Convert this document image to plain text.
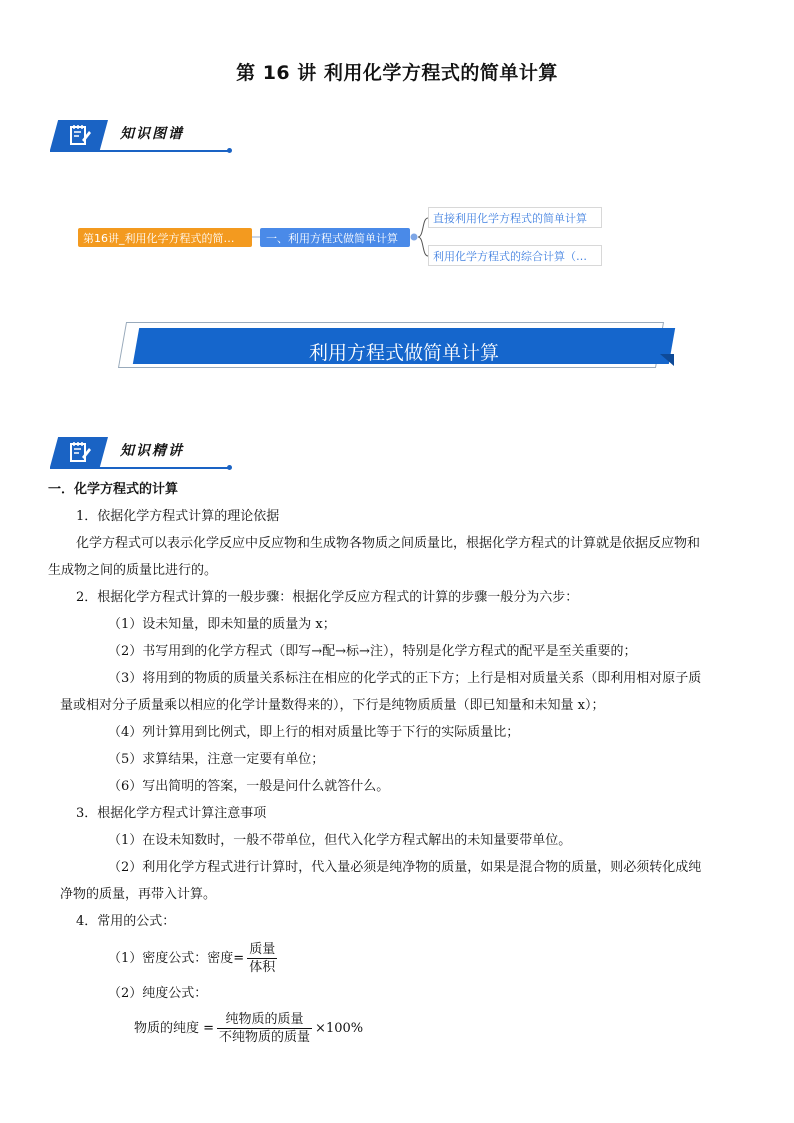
第 16 讲 利用化学方程式的简单计算
知识图谱
第16讲_利用化学方程式的简…	一、利用方程式做简单计算
直接利用化学方程式的简单计算
利用化学方程式的综合计算（…
利用方程式做简单计算
知识精讲
一．化学方程式的计算
1．依据化学方程式计算的理论依据
化学方程式可以表示化学反应中反应物和生成物各物质之间质量比，根据化学方程式的计算就是依据反应物和
生成物之间的质量比进行的。
2．根据化学方程式计算的一般步骤：根据化学反应方程式的计算的步骤一般分为六步：
（1）设未知量，即未知量的质量为 x；
（2）书写用到的化学方程式（即写→配→标→注），特别是化学方程式的配平是至关重要的；
（3）将用到的物质的质量关系标注在相应的化学式的正下方；上行是相对质量关系（即利用相对原子质
量或相对分子质量乘以相应的化学计量数得来的），下行是纯物质质量（即已知量和未知量 x）；
（4）列计算用到比例式，即上行的相对质量比等于下行的实际质量比；
（5）求算结果，注意一定要有单位；
（6）写出简明的答案，一般是问什么就答什么。
3．根据化学方程式计算注意事项
（1）在设未知数时，一般不带单位，但代入化学方程式解出的未知量要带单位。
（2）利用化学方程式进行计算时，代入量必须是纯净物的质量，如果是混合物的质量，则必须转化成纯
净物的质量，再带入计算。
4．常用的公式：
（1）密度公式： 密度= $\frac{\text{质量}}{\text{体积}}$
（2）纯度公式：
物质的纯度 = $\frac{\text{纯物质的质量}}{\text{不纯物质的质量}} \times 100\%$
